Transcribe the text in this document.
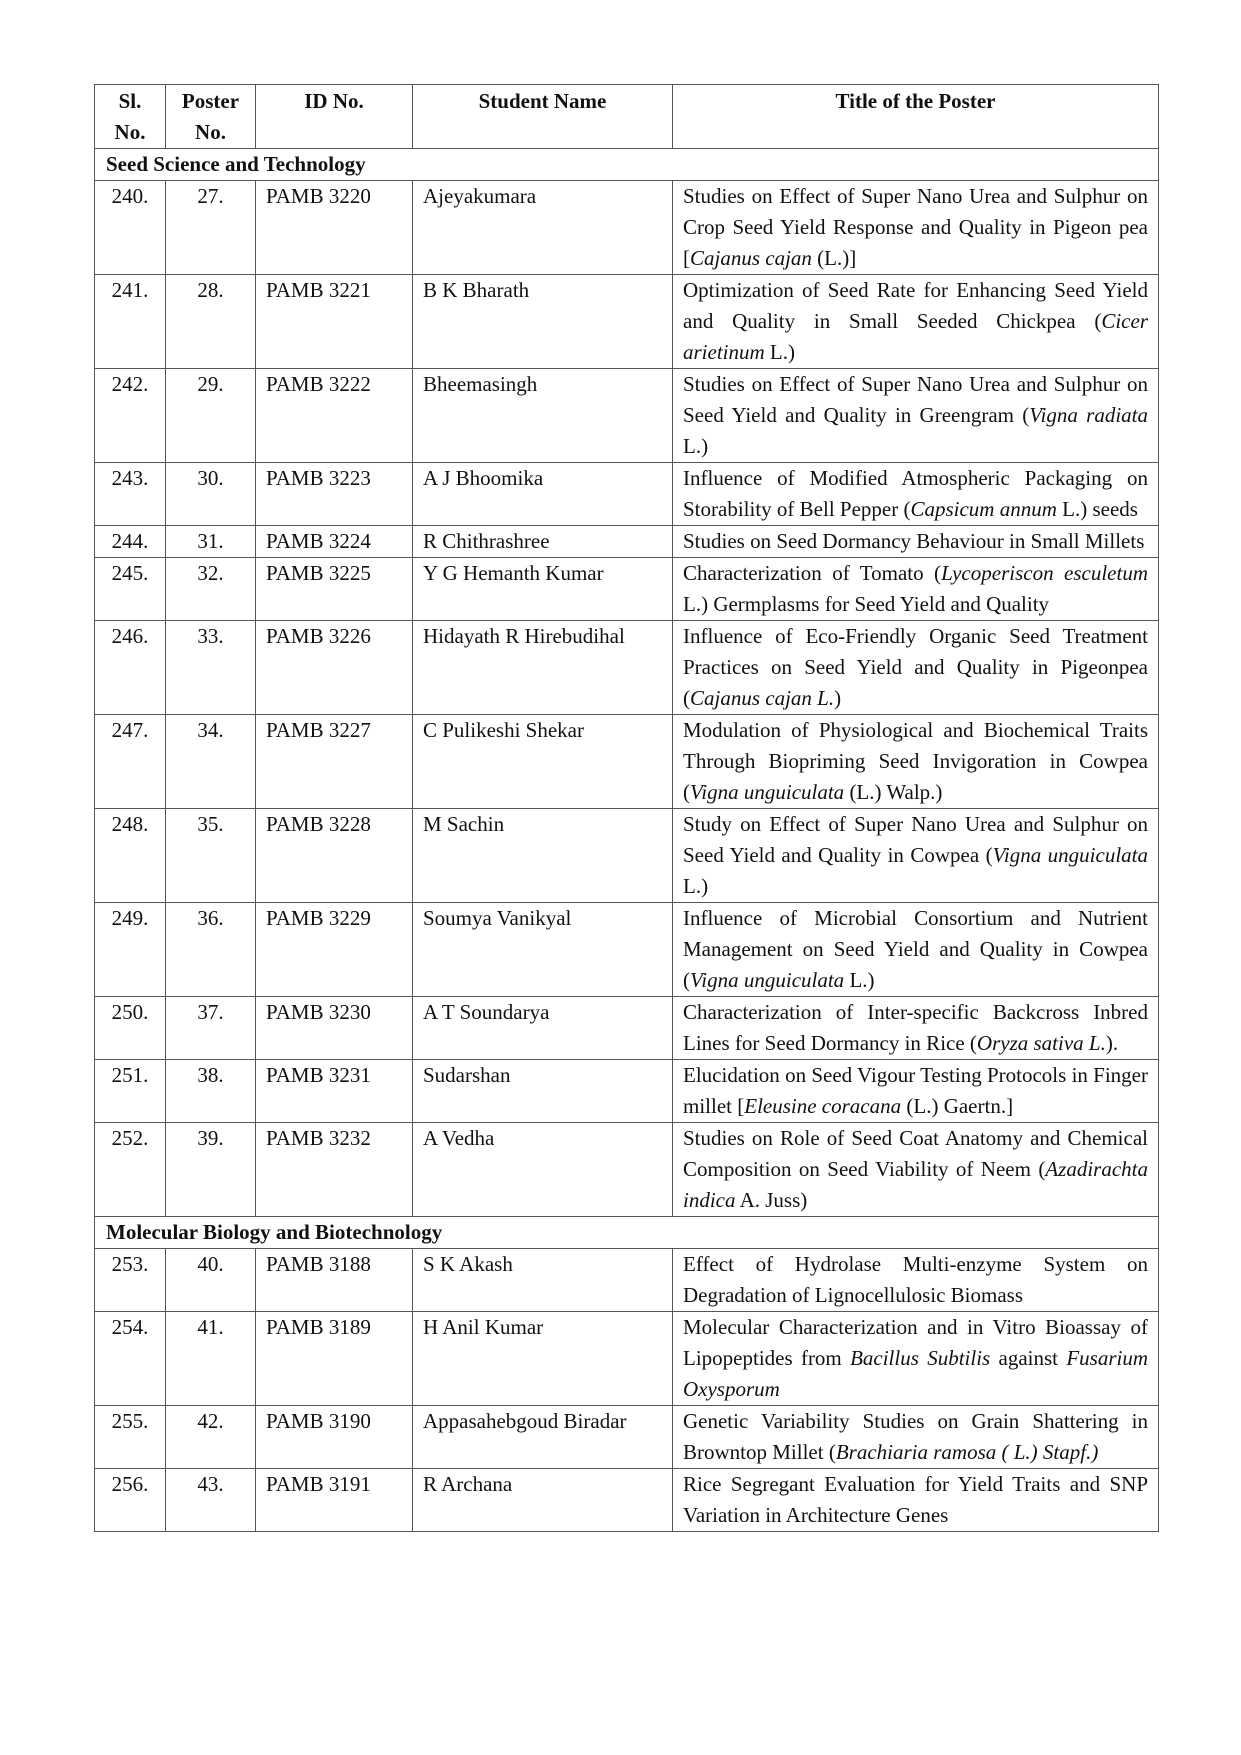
Sl. No.	Poster No.	ID No.	Student Name	Title of the Poster
Seed Science and Technology				
240.	27.	PAMB 3220	Ajeyakumara	Studies on Effect of Super Nano Urea and Sulphur on Crop Seed Yield Response and Quality in Pigeon pea [Cajanus cajan (L.)]
241.	28.	PAMB 3221	B K Bharath	Optimization of Seed Rate for Enhancing Seed Yield and Quality in Small Seeded Chickpea (Cicer arietinum L.)
242.	29.	PAMB 3222	Bheemasingh	Studies on Effect of Super Nano Urea and Sulphur on Seed Yield and Quality in Greengram (Vigna radiata L.)
243.	30.	PAMB 3223	A J Bhoomika	Influence of Modified Atmospheric Packaging on Storability of Bell Pepper (Capsicum annum L.) seeds
244.	31.	PAMB 3224	R Chithrashree	Studies on Seed Dormancy Behaviour in Small Millets
245.	32.	PAMB 3225	Y G Hemanth Kumar	Characterization of Tomato (Lycoperiscon esculetum L.) Germplasms for Seed Yield and Quality
246.	33.	PAMB 3226	Hidayath R Hirebudihal	Influence of Eco-Friendly Organic Seed Treatment Practices on Seed Yield and Quality in Pigeonpea (Cajanus cajan L.)
247.	34.	PAMB 3227	C Pulikeshi Shekar	Modulation of Physiological and Biochemical Traits Through Biopriming Seed Invigoration in Cowpea (Vigna unguiculata (L.) Walp.)
248.	35.	PAMB 3228	M Sachin	Study on Effect of Super Nano Urea and Sulphur on Seed Yield and Quality in Cowpea (Vigna unguiculata L.)
249.	36.	PAMB 3229	Soumya Vanikyal	Influence of Microbial Consortium and Nutrient Management on Seed Yield and Quality in Cowpea (Vigna unguiculata L.)
250.	37.	PAMB 3230	A T Soundarya	Characterization of Inter-specific Backcross Inbred Lines for Seed Dormancy in Rice (Oryza sativa L.).
251.	38.	PAMB 3231	Sudarshan	Elucidation on Seed Vigour Testing Protocols in Finger millet [Eleusine coracana (L.) Gaertn.]
252.	39.	PAMB 3232	A Vedha	Studies on Role of Seed Coat Anatomy and Chemical Composition on Seed Viability of Neem (Azadirachta indica A. Juss)
Molecular Biology and Biotechnology				
253.	40.	PAMB 3188	S K Akash	Effect of Hydrolase Multi-enzyme System on Degradation of Lignocellulosic Biomass
254.	41.	PAMB 3189	H Anil Kumar	Molecular Characterization and in Vitro Bioassay of Lipopeptides from Bacillus Subtilis against Fusarium Oxysporum
255.	42.	PAMB 3190	Appasahebgoud Biradar	Genetic Variability Studies on Grain Shattering in Browntop Millet (Brachiaria ramosa ( L.) Stapf.)
256.	43.	PAMB 3191	R Archana	Rice Segregant Evaluation for Yield Traits and SNP Variation in Architecture Genes
